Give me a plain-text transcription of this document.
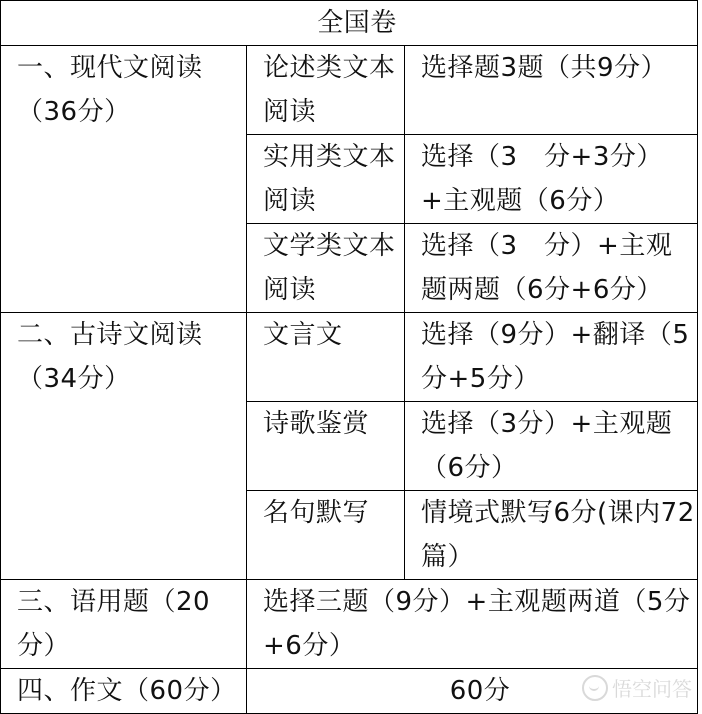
全国卷		
一、现代文阅读（36分）	论述类文本阅读	选择题3题（共9分）
	实用类文本阅读	选择（3　分+3分）+主观题（6分）
	文学类文本阅读	选择（3　分）+主观题两题（6分+6分）
二、古诗文阅读（34分）	文言文	选择（9分）+翻译（5分+5分）
	诗歌鉴赏	选择（3分）+主观题（6分）
	名句默写	情境式默写6分(课内72篇）
三、语用题（20分）	选择三题（9分）+主观题两道（5分+6分）	
四、作文（60分）	60分		悟空问答
